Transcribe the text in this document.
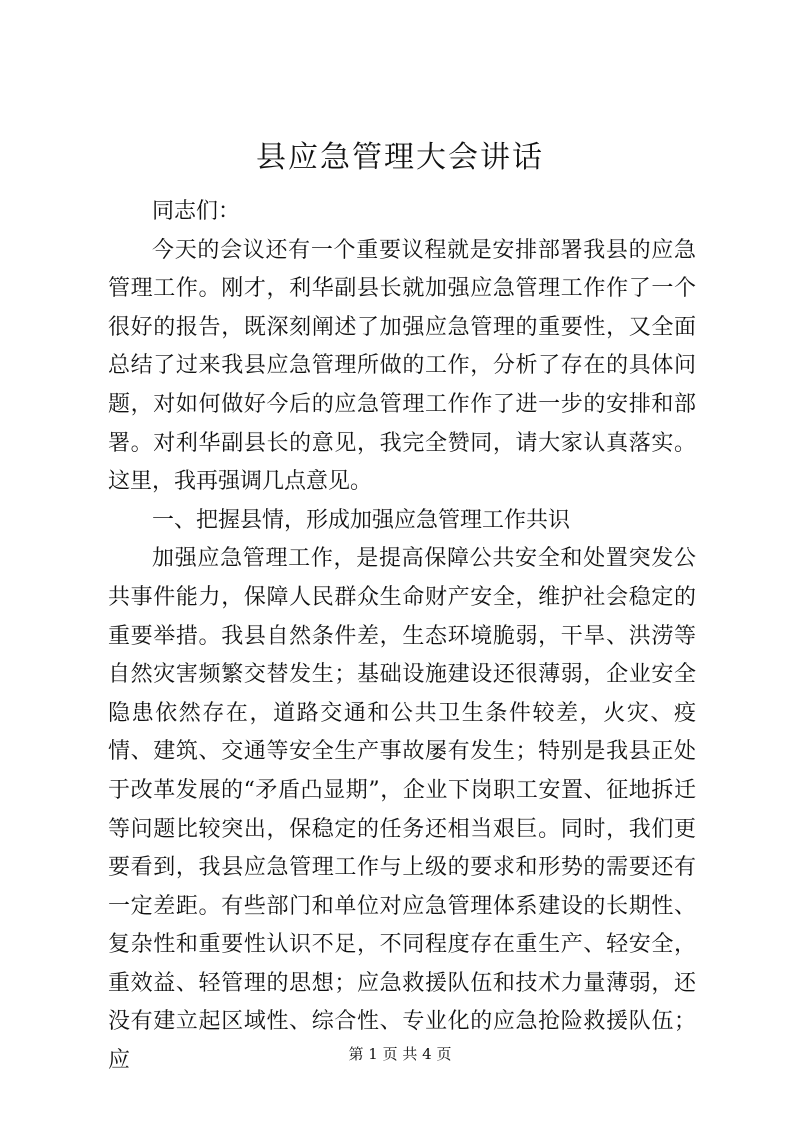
县应急管理大会讲话

同志们：

今天的会议还有一个重要议程就是安排部署我县的应急管理工作。刚才，利华副县长就加强应急管理工作作了一个很好的报告，既深刻阐述了加强应急管理的重要性，又全面总结了过来我县应急管理所做的工作，分析了存在的具体问题，对如何做好今后的应急管理工作作了进一步的安排和部署。对利华副县长的意见，我完全赞同，请大家认真落实。这里，我再强调几点意见。

一、把握县情，形成加强应急管理工作共识

加强应急管理工作，是提高保障公共安全和处置突发公共事件能力，保障人民群众生命财产安全，维护社会稳定的重要举措。我县自然条件差，生态环境脆弱，干旱、洪涝等自然灾害频繁交替发生；基础设施建设还很薄弱，企业安全隐患依然存在，道路交通和公共卫生条件较差，火灾、疫情、建筑、交通等安全生产事故屡有发生；特别是我县正处于改革发展的“矛盾凸显期”，企业下岗职工安置、征地拆迁等问题比较突出，保稳定的任务还相当艰巨。同时，我们更要看到，我县应急管理工作与上级的要求和形势的需要还有一定差距。有些部门和单位对应急管理体系建设的长期性、复杂性和重要性认识不足，不同程度存在重生产、轻安全，重效益、轻管理的思想；应急救援队伍和技术力量薄弱，还没有建立起区域性、综合性、专业化的应急抢险救援队伍；应	第 1 页 共 4 页
